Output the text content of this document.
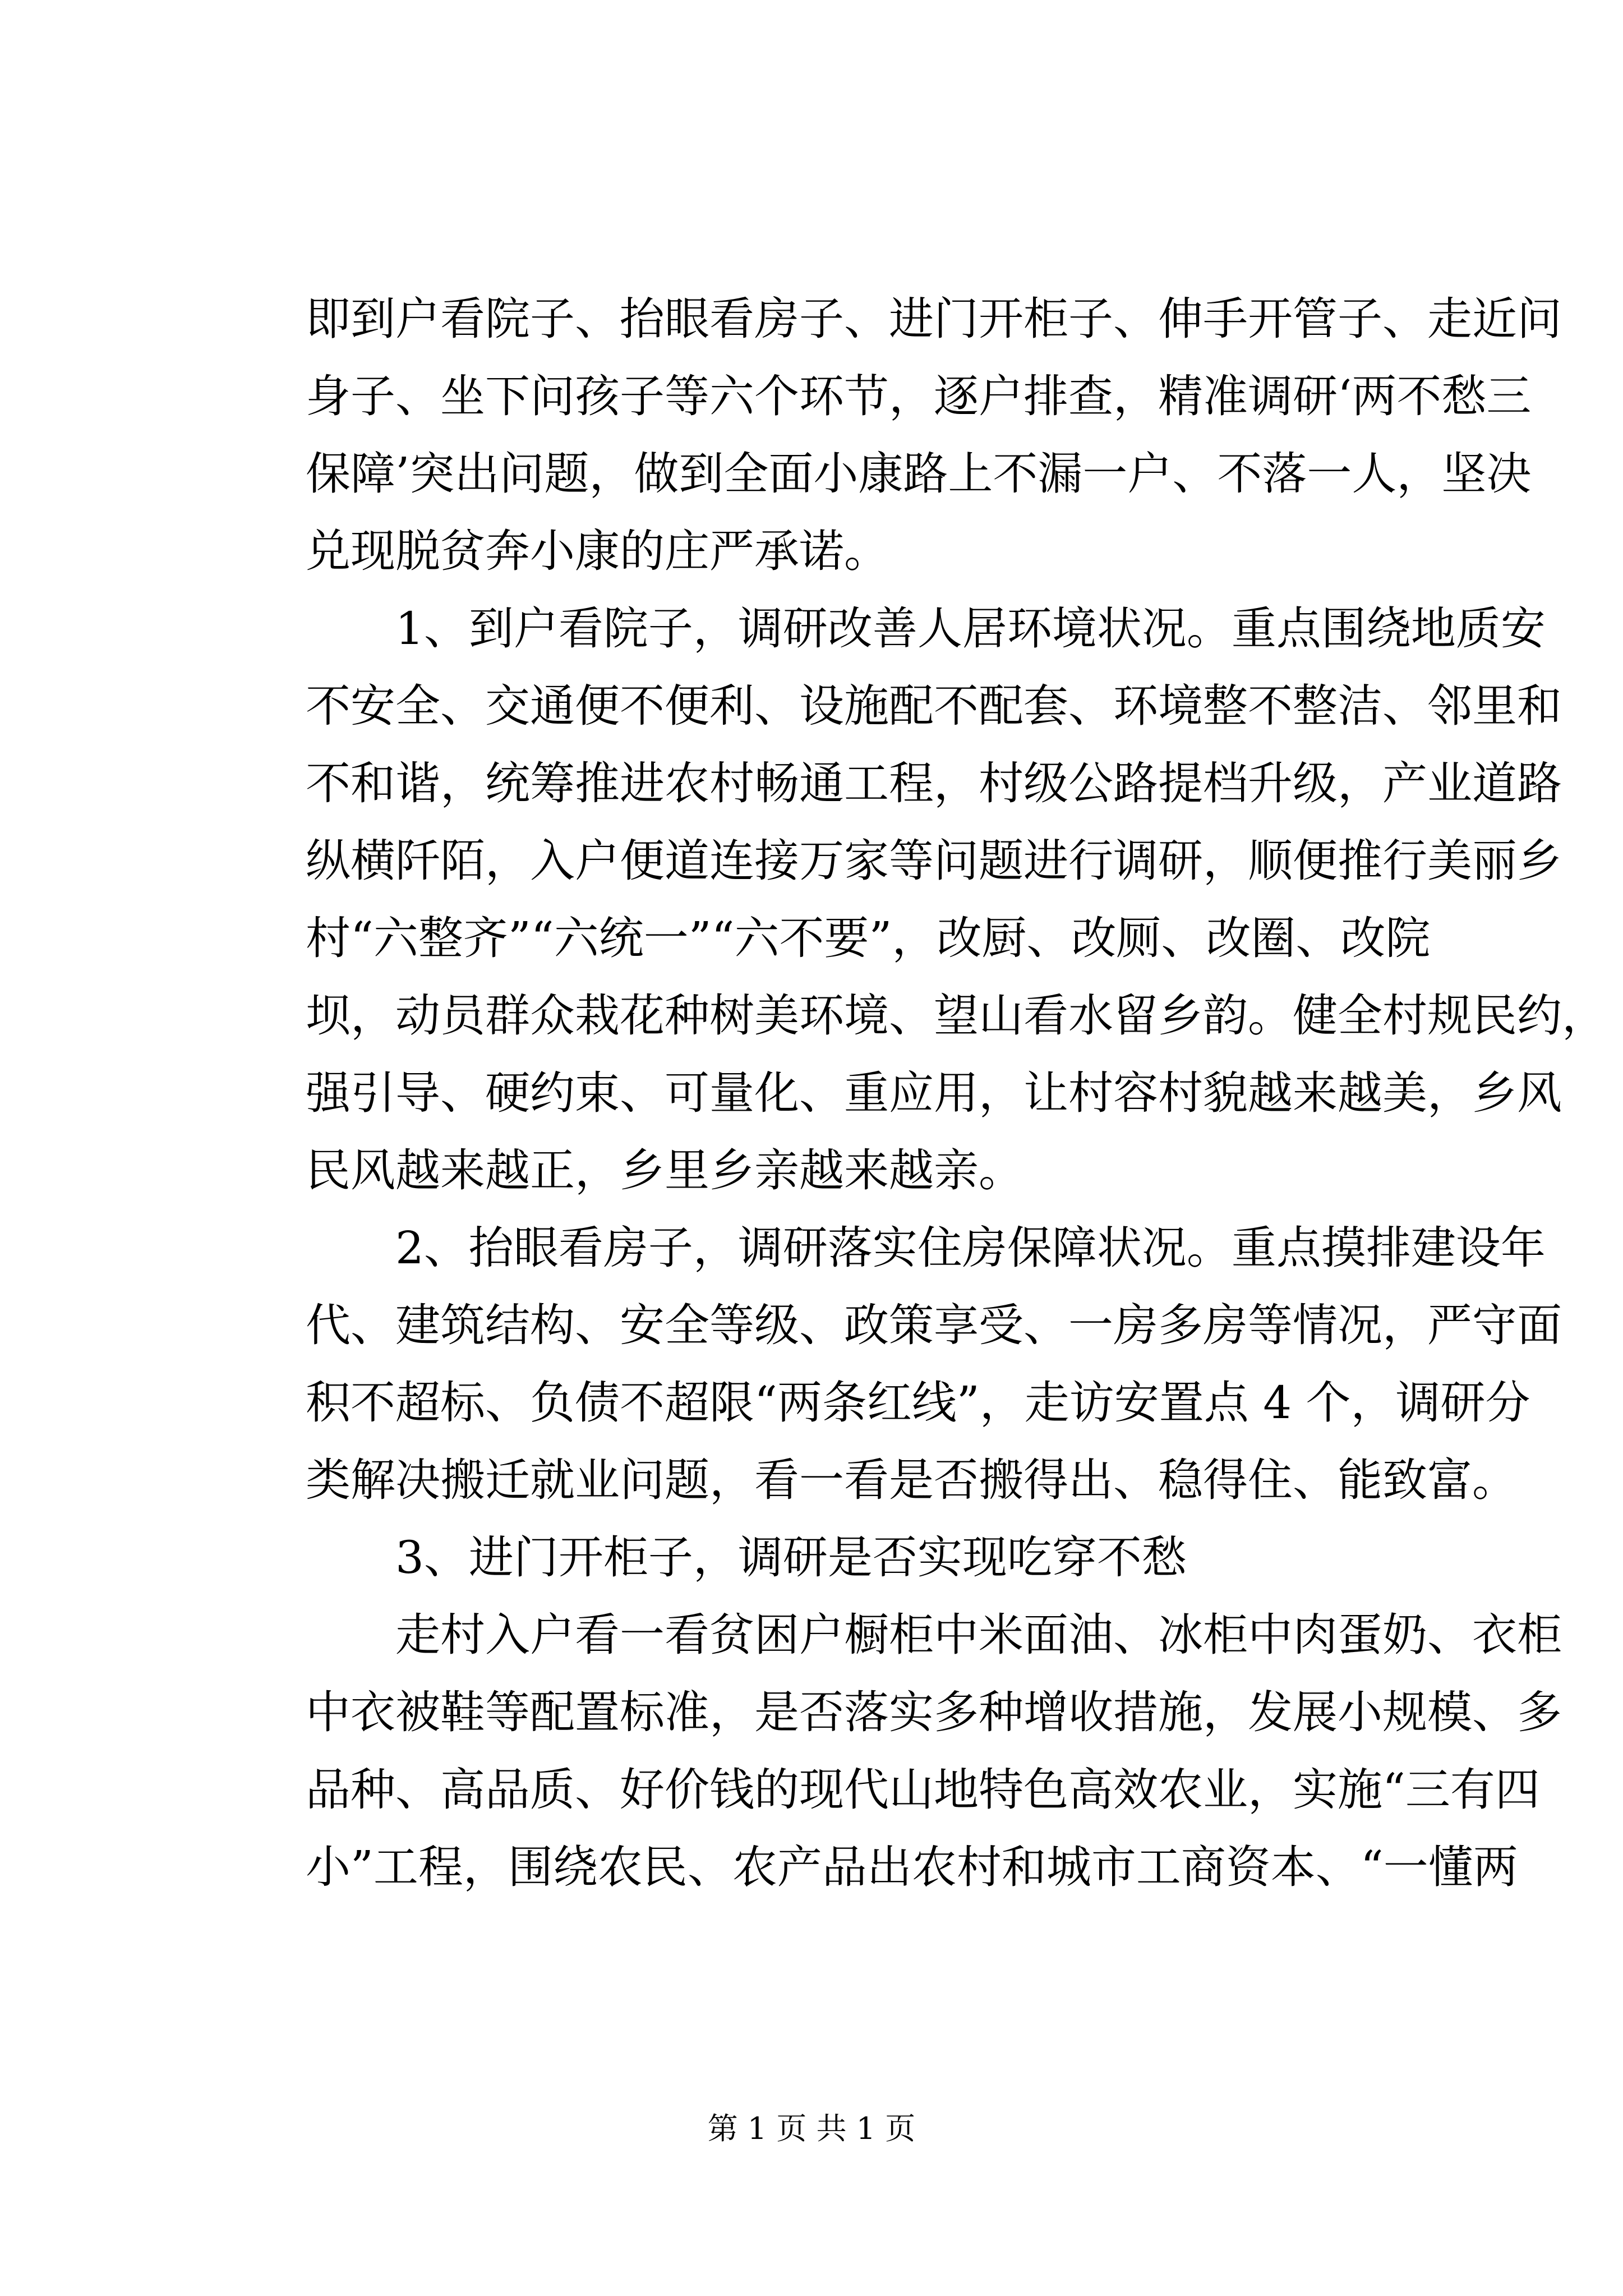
即到户看院子、抬眼看房子、进门开柜子、伸手开管子、走近问
身子、坐下问孩子等六个环节，逐户排查，精准调研‘两不愁三
保障’突出问题，做到全面小康路上不漏一户、不落一人，坚决
兑现脱贫奔小康的庄严承诺。
1、到户看院子，调研改善人居环境状况。重点围绕地质安
不安全、交通便不便利、设施配不配套、环境整不整洁、邻里和
不和谐，统筹推进农村畅通工程，村级公路提档升级，产业道路
纵横阡陌，入户便道连接万家等问题进行调研，顺便推行美丽乡
村“六整齐”“六统一”“六不要”，改厨、改厕、改圈、改院
坝，动员群众栽花种树美环境、望山看水留乡韵。健全村规民约，
强引导、硬约束、可量化、重应用，让村容村貌越来越美，乡风
民风越来越正，乡里乡亲越来越亲。
2、抬眼看房子，调研落实住房保障状况。重点摸排建设年
代、建筑结构、安全等级、政策享受、一房多房等情况，严守面
积不超标、负债不超限“两条红线”，走访安置点 4 个，调研分
类解决搬迁就业问题，看一看是否搬得出、稳得住、能致富。
3、进门开柜子，调研是否实现吃穿不愁
走村入户看一看贫困户橱柜中米面油、冰柜中肉蛋奶、衣柜
中衣被鞋等配置标准，是否落实多种增收措施，发展小规模、多
品种、高品质、好价钱的现代山地特色高效农业，实施“三有四
小”工程，围绕农民、农产品出农村和城市工商资本、“一懂两
第 1 页 共 1 页
